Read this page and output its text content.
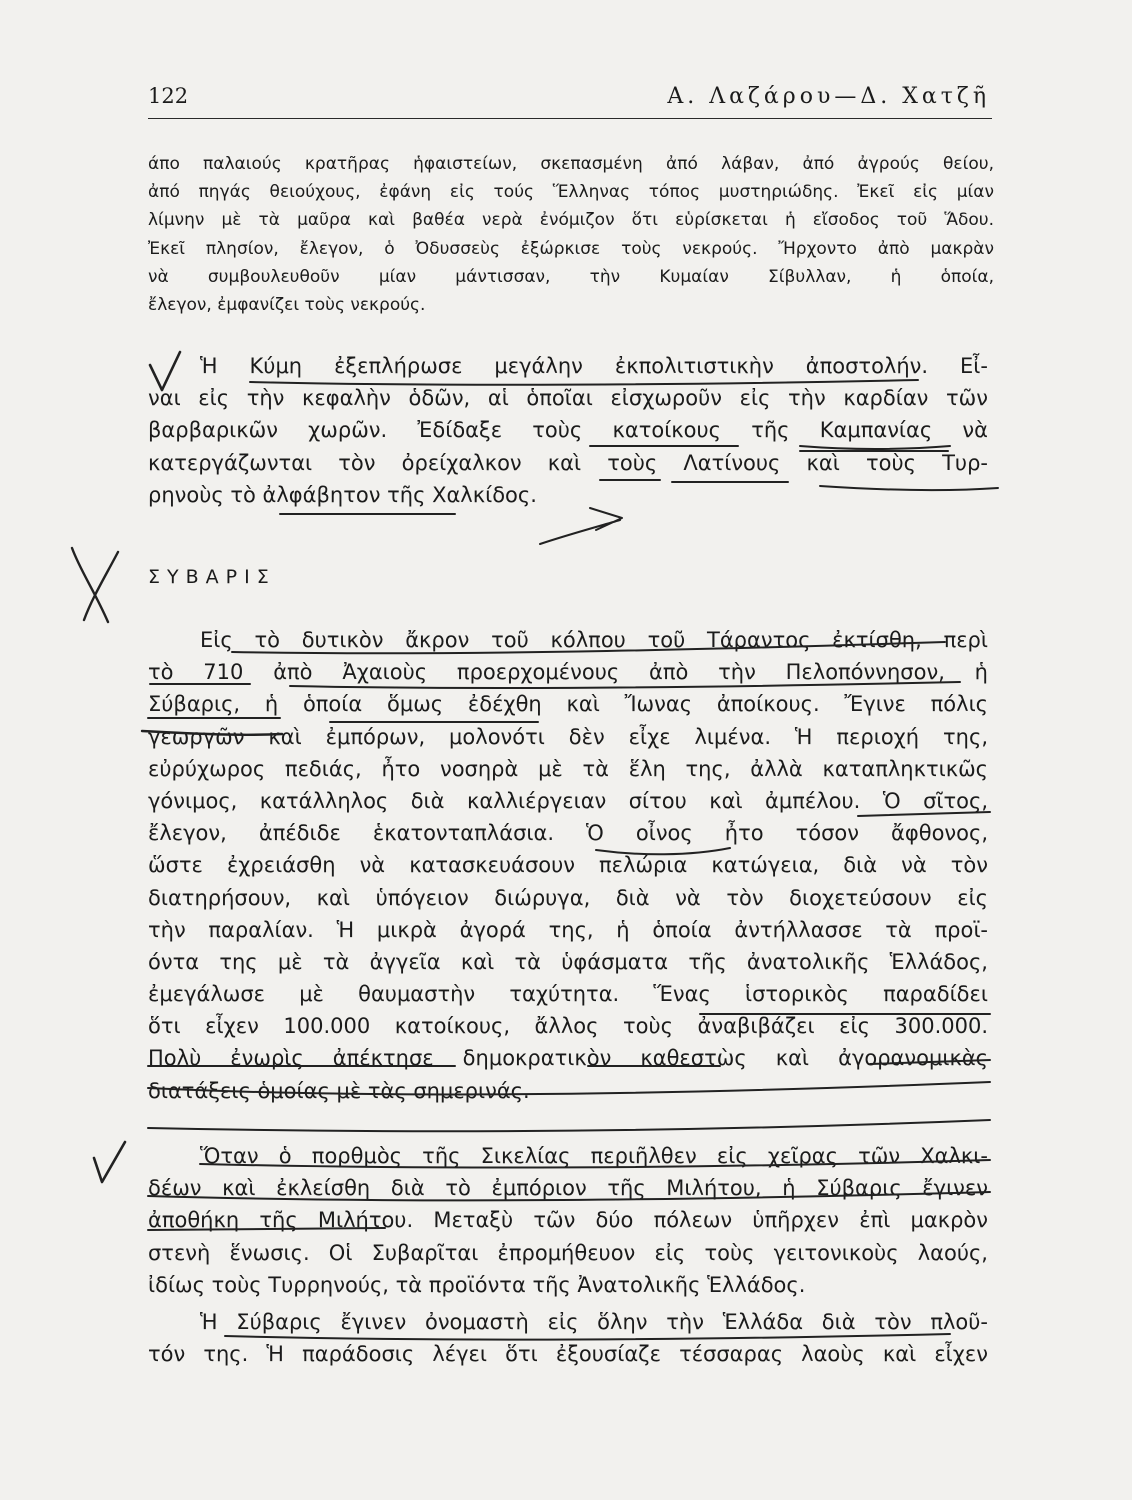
122	Α. Λαζάρου—Δ. Χατζῆ
άπο παλαιούς κρατῆρας ἡφαιστείων, σκεπασμένη ἀπό λάβαν, ἀπό ἀγρούς θείου,
ἀπό πηγάς θειούχους, ἐφάνη εἰς τούς Ἕλληνας τόπος μυστηριώδης. Ἐκεῖ εἰς μίαν
λίμνην μὲ τὰ μαῦρα καὶ βαθέα νερὰ ἐνόμιζον ὅτι εὑρίσκεται ἡ εἴσοδος τοῦ Ἅδου.
Ἐκεῖ πλησίον, ἔλεγον, ὁ Ὀδυσσεὺς ἐξώρκισε τοὺς νεκρούς. Ἤρχοντο ἀπὸ μακρὰν
νὰ συμβουλευθοῦν μίαν μάντισσαν, τὴν Κυμαίαν Σίβυλλαν, ἡ ὁποία,
ἔλεγον, ἐμφανίζει τοὺς νεκρούς.
Ἡ Κύμη ἐξεπλήρωσε μεγάλην ἐκπολιτιστικὴν ἀποστολήν. Εἶ-
ναι εἰς τὴν κεφαλὴν ὁδῶν, αἱ ὁποῖαι εἰσχωροῦν εἰς τὴν καρδίαν τῶν
βαρβαρικῶν χωρῶν. Ἐδίδαξε τοὺς κατοίκους τῆς Καμπανίας νὰ
κατεργάζωνται τὸν ὀρείχαλκον καὶ τοὺς Λατίνους καὶ τοὺς Τυρ-
ρηνοὺς τὸ ἀλφάβητον τῆς Χαλκίδος.
ΣΥΒΑΡΙΣ
Εἰς τὸ δυτικὸν ἄκρον τοῦ κόλπου τοῦ Τάραντος ἐκτίσθη, περὶ
τὸ 710 ἀπὸ Ἀχαιοὺς προερχομένους ἀπὸ τὴν Πελοπόννησον, ἡ
Σύβαρις, ἡ ὁποία ὅμως ἐδέχθη καὶ Ἴωνας ἀποίκους. Ἔγινε πόλις
γεωργῶν καὶ ἐμπόρων, μολονότι δὲν εἶχε λιμένα. Ἡ περιοχή της,
εὐρύχωρος πεδιάς, ἦτο νοσηρὰ μὲ τὰ ἕλη της, ἀλλὰ καταπληκτικῶς
γόνιμος, κατάλληλος διὰ καλλιέργειαν σίτου καὶ ἀμπέλου. Ὁ σῖτος,
ἔλεγον, ἀπέδιδε ἑκατονταπλάσια. Ὁ οἶνος ἦτο τόσον ἄφθονος,
ὥστε ἐχρειάσθη νὰ κατασκευάσουν πελώρια κατώγεια, διὰ νὰ τὸν
διατηρήσουν, καὶ ὑπόγειον διώρυγα, διὰ νὰ τὸν διοχετεύσουν εἰς
τὴν παραλίαν. Ἡ μικρὰ ἀγορά της, ἡ ὁποία ἀντήλλασσε τὰ προϊ-
όντα της μὲ τὰ ἀγγεῖα καὶ τὰ ὑφάσματα τῆς ἀνατολικῆς Ἑλλάδος,
ἐμεγάλωσε μὲ θαυμαστὴν ταχύτητα. Ἕνας ἱστορικὸς παραδίδει
ὅτι εἶχεν 100.000 κατοίκους, ἄλλος τοὺς ἀναβιβάζει εἰς 300.000.
Πολὺ ἐνωρὶς ἀπέκτησε δημοκρατικὸν καθεστὼς καὶ ἀγορανομικὰς
διατάξεις ὁμοίας μὲ τὰς σημερινάς.
Ὅταν ὁ πορθμὸς τῆς Σικελίας περιῆλθεν εἰς χεῖρας τῶν Χαλκι-
δέων καὶ ἐκλείσθη διὰ τὸ ἐμπόριον τῆς Μιλήτου, ἡ Σύβαρις ἔγινεν
ἀποθήκη τῆς Μιλήτου. Μεταξὺ τῶν δύο πόλεων ὑπῆρχεν ἐπὶ μακρὸν
στενὴ ἕνωσις. Οἱ Συβαρῖται ἐπρομήθευον εἰς τοὺς γειτονικοὺς λαούς,
ἰδίως τοὺς Τυρρηνούς, τὰ προϊόντα τῆς Ἀνατολικῆς Ἑλλάδος.
Ἡ Σύβαρις ἔγινεν ὀνομαστὴ εἰς ὅλην τὴν Ἑλλάδα διὰ τὸν πλοῦ-
τόν της. Ἡ παράδοσις λέγει ὅτι ἐξουσίαζε τέσσαρας λαοὺς καὶ εἶχεν
